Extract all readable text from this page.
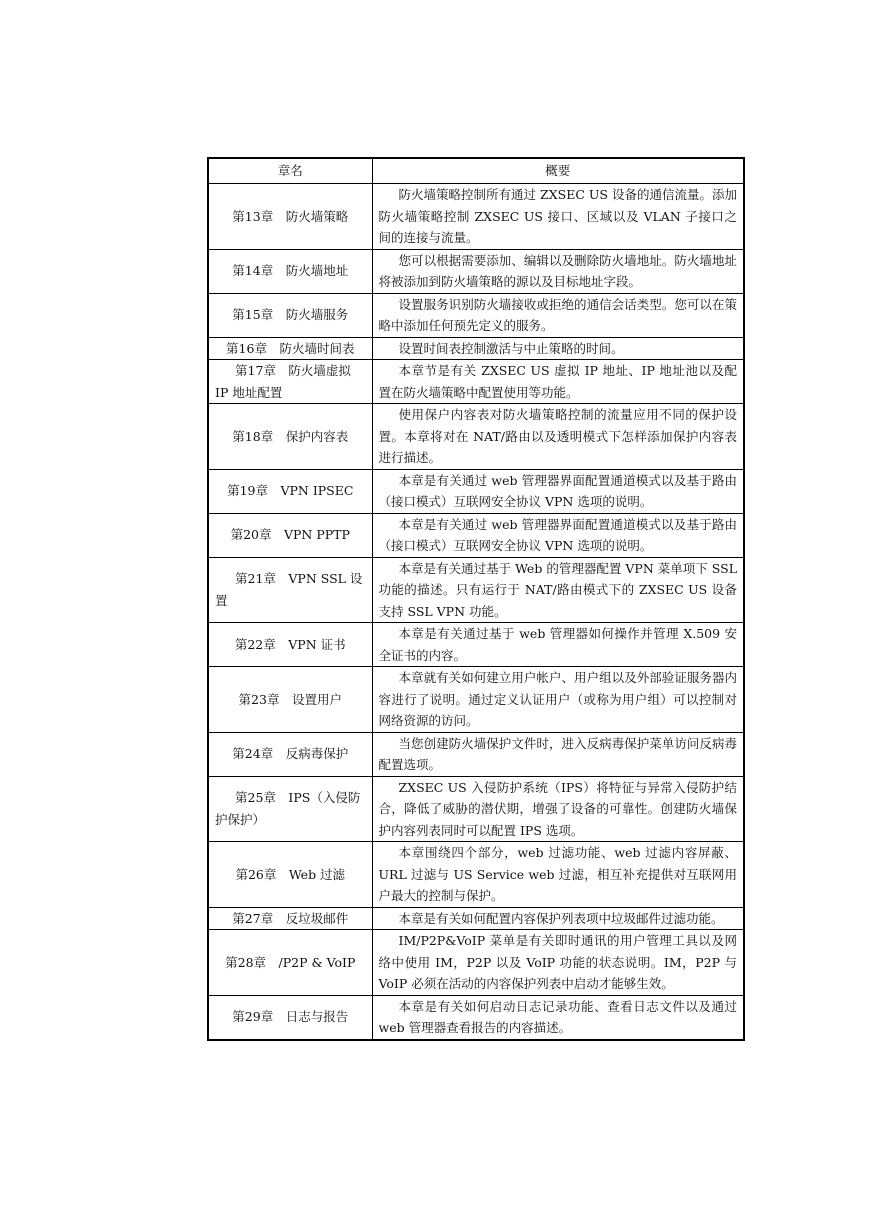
章名	概要
第13章　防火墙策略	防火墙策略控制所有通过 ZXSEC US 设备的通信流量。添加防火墙策略控制 ZXSEC US 接口、区域以及 VLAN 子接口之间的连接与流量。
第14章　防火墙地址	您可以根据需要添加、编辑以及删除防火墙地址。防火墙地址将被添加到防火墙策略的源以及目标地址字段。
第15章　防火墙服务	设置服务识别防火墙接收或拒绝的通信会话类型。您可以在策略中添加任何预先定义的服务。
第16章　防火墙时间表	设置时间表控制激活与中止策略的时间。
第17章　防火墙虚拟 IP 地址配置	本章节是有关 ZXSEC US 虚拟 IP 地址、IP 地址池以及配置在防火墙策略中配置使用等功能。
第18章　保护内容表	使用保户内容表对防火墙策略控制的流量应用不同的保护设置。本章将对在 NAT/路由以及透明模式下怎样添加保护内容表进行描述。
第19章　VPN IPSEC	本章是有关通过 web 管理器界面配置通道模式以及基于路由（接口模式）互联网安全协议 VPN 选项的说明。
第20章　VPN PPTP	本章是有关通过 web 管理器界面配置通道模式以及基于路由（接口模式）互联网安全协议 VPN 选项的说明。
第21章　VPN SSL 设置	本章是有关通过基于 Web 的管理器配置 VPN 菜单项下 SSL 功能的描述。只有运行于 NAT/路由模式下的 ZXSEC US 设备支持 SSL VPN 功能。
第22章　VPN 证书	本章是有关通过基于 web 管理器如何操作并管理 X.509 安全证书的内容。
第23章　设置用户	本章就有关如何建立用户帐户、用户组以及外部验证服务器内容进行了说明。通过定义认证用户（或称为用户组）可以控制对网络资源的访问。
第24章　反病毒保护	当您创建防火墙保护文件时，进入反病毒保护菜单访问反病毒配置选项。
第25章　IPS（入侵防护保护）	ZXSEC US 入侵防护系统（IPS）将特征与异常入侵防护结合，降低了威胁的潜伏期，增强了设备的可靠性。创建防火墙保护内容列表同时可以配置 IPS 选项。
第26章　Web 过滤	本章围绕四个部分，web 过滤功能、web 过滤内容屏蔽、URL 过滤与 US Service web 过滤，相互补充提供对互联网用户最大的控制与保护。
第27章　反垃圾邮件	本章是有关如何配置内容保护列表项中垃圾邮件过滤功能。
第28章　/P2P & VoIP	IM/P2P&VoIP 菜单是有关即时通讯的用户管理工具以及网络中使用 IM，P2P 以及 VoIP 功能的状态说明。IM，P2P 与 VoIP 必须在活动的内容保护列表中启动才能够生效。
第29章　日志与报告	本章是有关如何启动日志记录功能、查看日志文件以及通过 web 管理器查看报告的内容描述。
